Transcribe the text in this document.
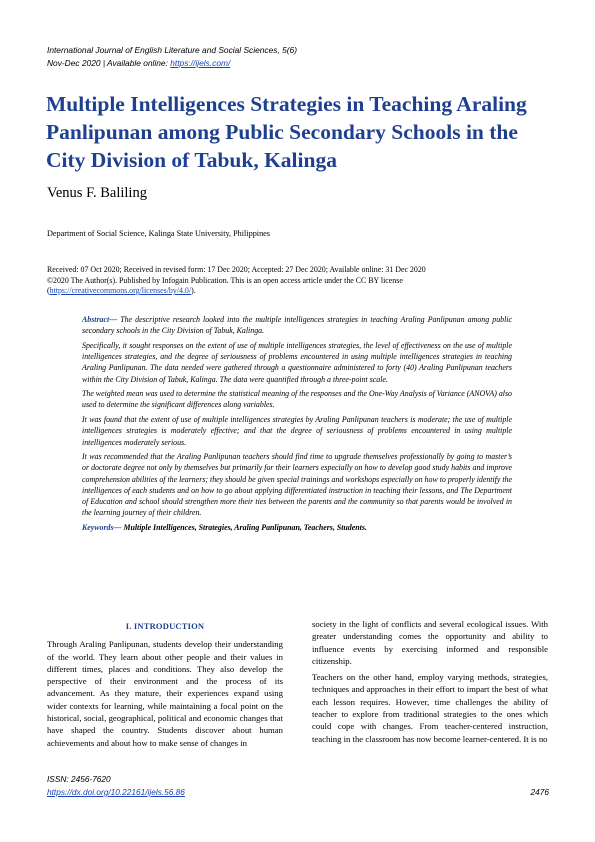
International Journal of English Literature and Social Sciences, 5(6)
Nov-Dec 2020 | Available online: https://ijels.com/
Multiple Intelligences Strategies in Teaching Araling Panlipunan among Public Secondary Schools in the City Division of Tabuk, Kalinga
Venus F. Baliling
Department of Social Science, Kalinga State University, Philippines
Received: 07 Oct 2020; Received in revised form: 17 Dec 2020; Accepted: 27 Dec 2020; Available online: 31 Dec 2020
©2020 The Author(s). Published by Infogain Publication. This is an open access article under the CC BY license
(https://creativecommons.org/licenses/by/4.0/).

Abstract— The descriptive research looked into the multiple intelligences strategies in teaching Araling Panlipunan among public secondary schools in the City Division of Tabuk, Kalinga.

Specifically, it sought responses on the extent of use of multiple intelligences strategies, the level of effectiveness on the use of multiple intelligences strategies, and the degree of seriousness of problems encountered in using multiple intelligences strategies in teaching Araling Panlipunan. The data needed were gathered through a questionnaire administered to forty (40) Araling Panlipunan teachers within the City Division of Tabuk, Kalinga. The data were quantified through a three-point scale.

The weighted mean was used to determine the statistical meaning of the responses and the One-Way Analysis of Variance (ANOVA) also used to determine the significant differences along variables.

It was found that the extent of use of multiple intelligences strategies by Araling Panlipunan teachers is moderate; the use of multiple intelligences strategies is moderately effective; and that the degree of seriousness of problems encountered in using multiple intelligences moderately serious.

It was recommended that the Araling Panlipunan teachers should find time to upgrade themselves professionally by going to master’s or doctorate degree not only by themselves but primarily for their learners especially on how to develop good study habits and improve comprehension abilities of the learners; they should be given special trainings and workshops especially on how to properly identify the intelligences of each students and on how to go about applying differentiated instruction in teaching their lessons, and The Department of Education and school should strengthen more their ties between the parents and the community so that parents would be involved in the learning journey of their children.

Keywords— Multiple Intelligences, Strategies, Araling Panlipunan, Teachers, Students.
I. INTRODUCTION

Through Araling Panlipunan, students develop their understanding of the world. They learn about other people and their values in different times, places and conditions. They also develop the perspective of their environment and the process of its advancement. As they mature, their experiences expand using wider contexts for learning, while maintaining a focal point on the historical, social, geographical, political and economic changes that have shaped the country. Students discover about human achievements and about how to make sense of changes in

society in the light of conflicts and several ecological issues. With greater understanding comes the opportunity and ability to influence events by exercising informed and responsible citizenship.

Teachers on the other hand, employ varying methods, strategies, techniques and approaches in their effort to impart the best of what each lesson requires. However, time challenges the ability of teacher to explore from traditional strategies to the ones which could cope with changes. From teacher-centered instruction, teaching in the classroom has now become learner-centered. It is no

ISSN: 2456-7620
https://dx.doi.org/10.22161/ijels.56.86	2476
